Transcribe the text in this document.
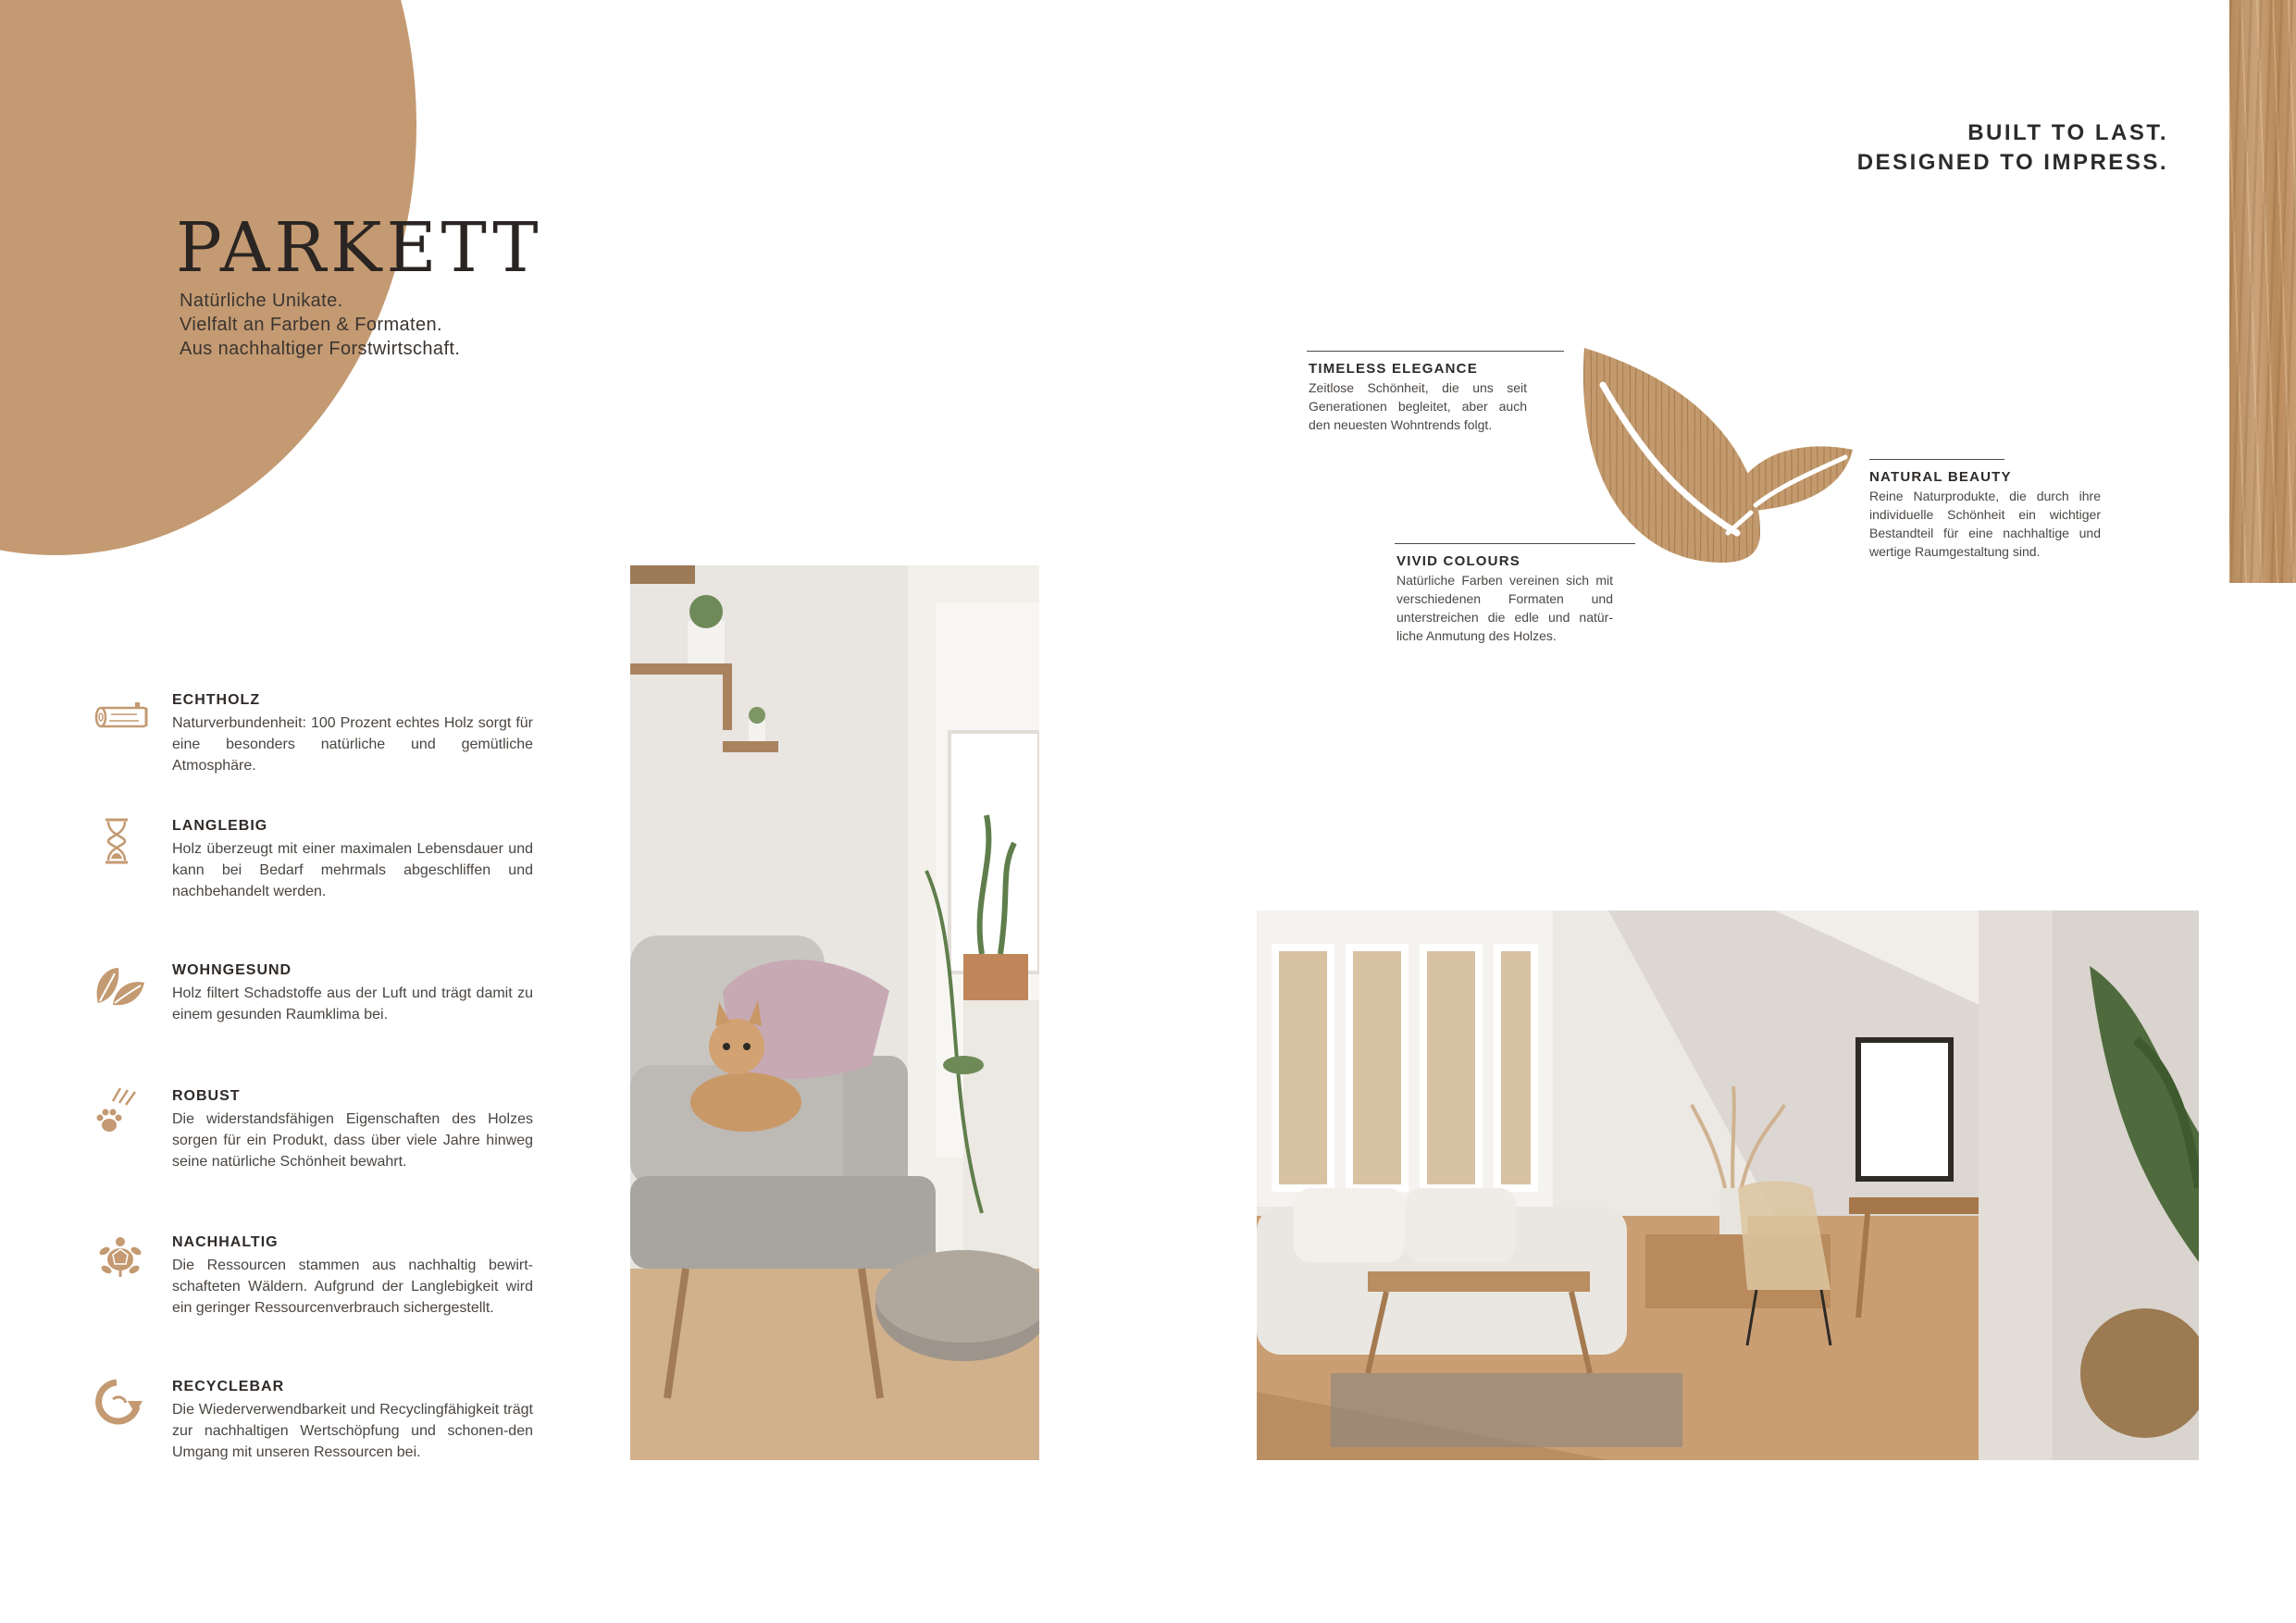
PARKETT
Natürliche Unikate.
Vielfalt an Farben & Formaten.
Aus nachhaltiger Forstwirtschaft.
BUILT TO LAST.
DESIGNED TO IMPRESS.
ECHTHOLZ
Naturverbundenheit: 100 Prozent echtes Holz sorgt für eine besonders natürliche und gemütliche Atmosphäre.
LANGLEBIG
Holz überzeugt mit einer maximalen Lebensdauer und kann bei Bedarf mehrmals abgeschliffen und nachbehandelt werden.
WOHNGESUND
Holz filtert Schadstoffe aus der Luft und trägt damit zu einem gesunden Raumklima bei.
ROBUST
Die widerstandsfähigen Eigenschaften des Holzes sorgen für ein Produkt, dass über viele Jahre hinweg seine natürliche Schönheit bewahrt.
NACHHALTIG
Die Ressourcen stammen aus nachhaltig bewirt-schafteten Wäldern. Aufgrund der Langlebigkeit wird ein geringer Ressourcenverbrauch sichergestellt.
RECYCLEBAR
Die Wiederverwendbarkeit und Recyclingfähigkeit trägt zur nachhaltigen Wertschöpfung und schonen-den Umgang mit unseren Ressourcen bei.
TIMELESS ELEGANCE
Zeitlose Schönheit, die uns seit Generationen begleitet, aber auch den neuesten Wohntrends folgt.
VIVID COLOURS
Natürliche Farben vereinen sich mit verschiedenen Formaten und unterstreichen die edle und natür-liche Anmutung des Holzes.
NATURAL BEAUTY
Reine Naturprodukte, die durch ihre individuelle Schönheit ein wichtiger Bestandteil für eine nachhaltige und wertige Raumgestaltung sind.
